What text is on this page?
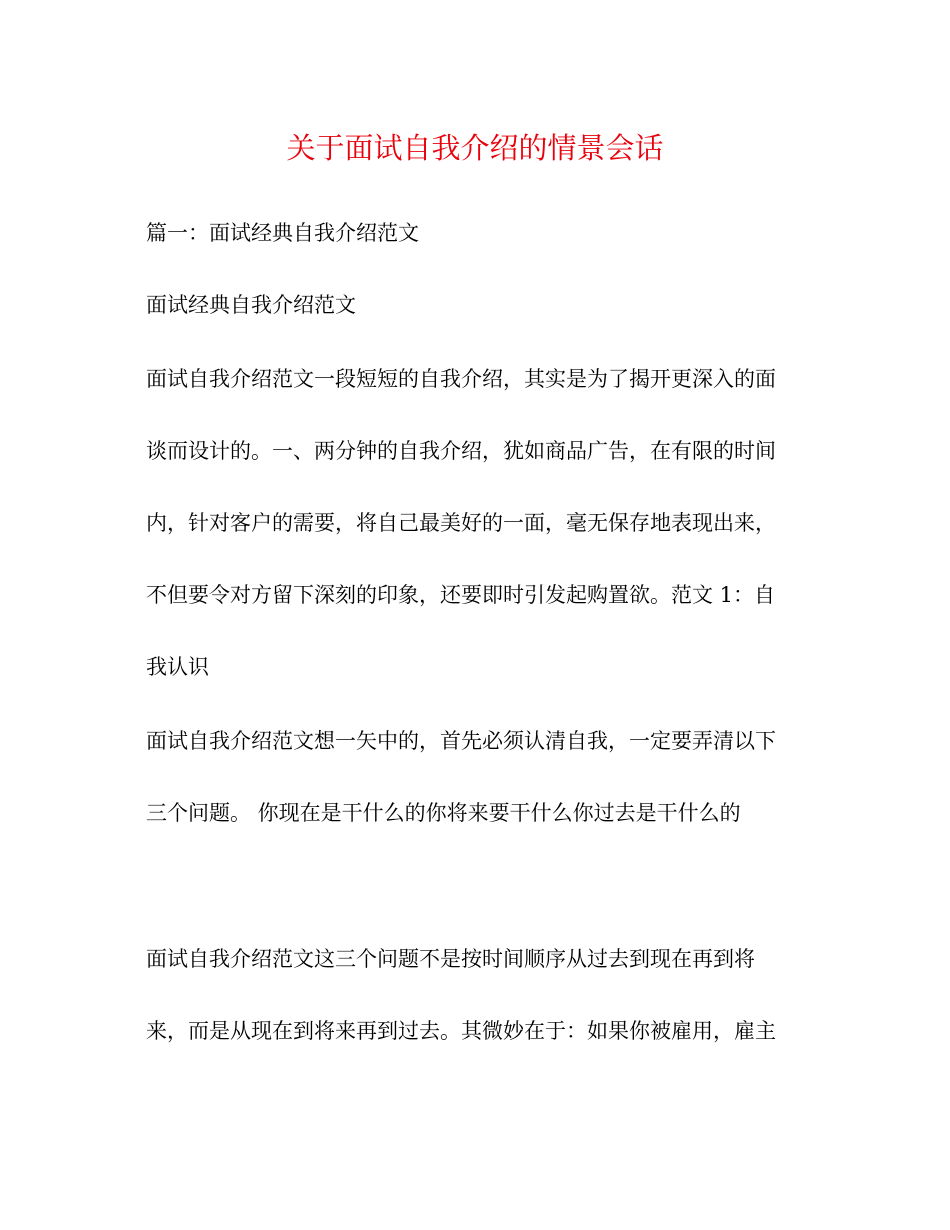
关于面试自我介绍的情景会话

篇一：面试经典自我介绍范文

面试经典自我介绍范文

面试自我介绍范文一段短短的自我介绍，其实是为了揭开更深入的面

谈而设计的。一、两分钟的自我介绍，犹如商品广告，在有限的时间

内，针对客户的需要，将自己最美好的一面，毫无保存地表现出来，

不但要令对方留下深刻的印象，还要即时引发起购置欲。范文 1：自

我认识

面试自我介绍范文想一矢中的，首先必须认清自我，一定要弄清以下

三个问题。 你现在是干什么的你将来要干什么你过去是干什么的

面试自我介绍范文这三个问题不是按时间顺序从过去到现在再到将

来，而是从现在到将来再到过去。其微妙在于：如果你被雇用，雇主
